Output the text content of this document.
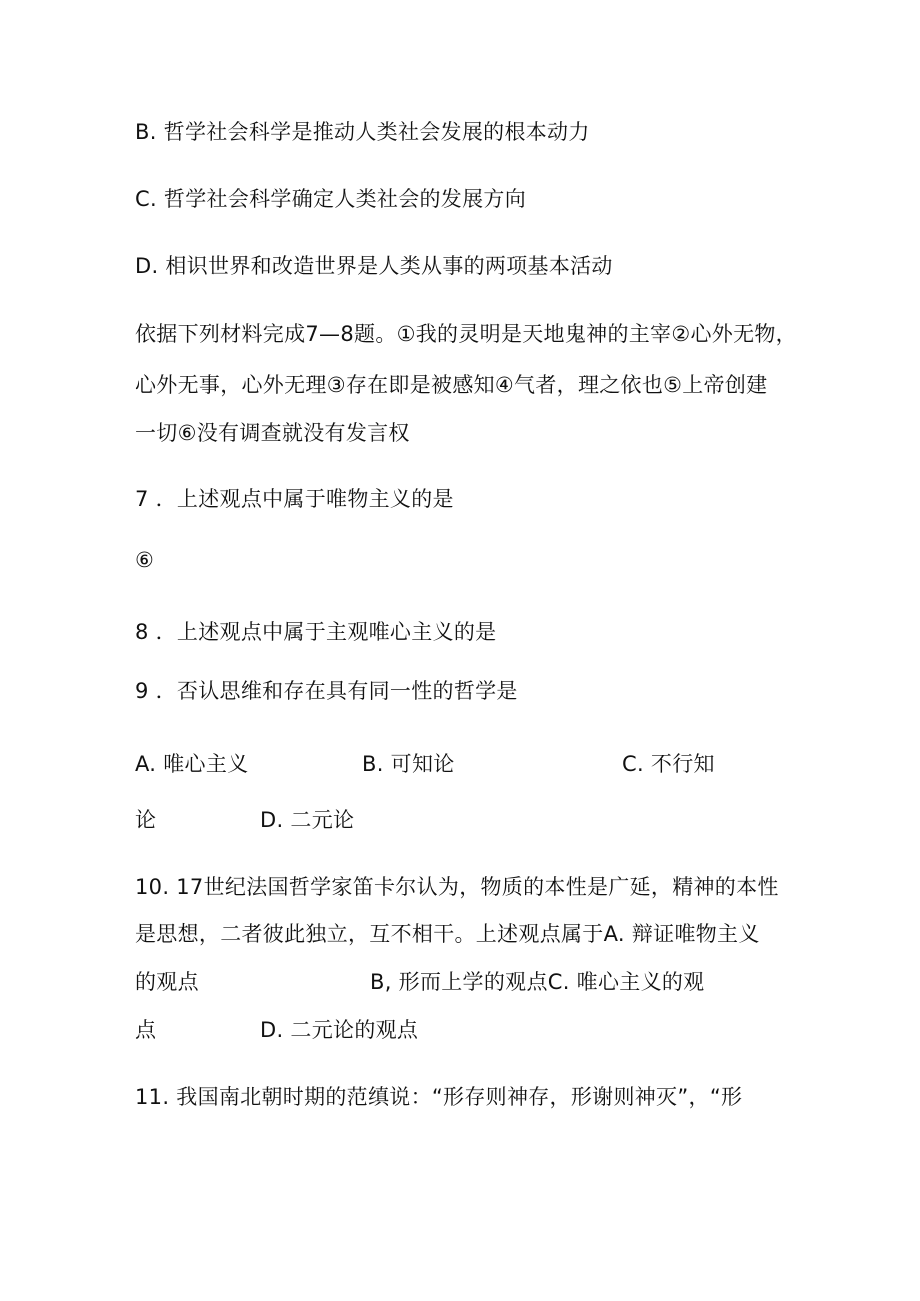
B. 哲学社会科学是推动人类社会发展的根本动力

C. 哲学社会科学确定人类社会的发展方向

D. 相识世界和改造世界是人类从事的两项基本活动

依据下列材料完成7—8题。①我的灵明是天地鬼神的主宰②心外无物，

心外无事，心外无理③存在即是被感知④气者，理之依也⑤上帝创建

一切⑥没有调查就没有发言权

7 ．上述观点中属于唯物主义的是

⑥

8 ．上述观点中属于主观唯心主义的是

9 ．否认思维和存在具有同一性的哲学是

A. 唯心主义	B. 可知论	C. 不行知
论	D. 二元论

10. 17世纪法国哲学家笛卡尔认为，物质的本性是广延，精神的本性

是思想，二者彼此独立，互不相干。上述观点属于A. 辩证唯物主义

的观点	B, 形而上学的观点C. 唯心主义的观
点	D. 二元论的观点

11. 我国南北朝时期的范缜说：“形存则神存，形谢则神灭”，“形
